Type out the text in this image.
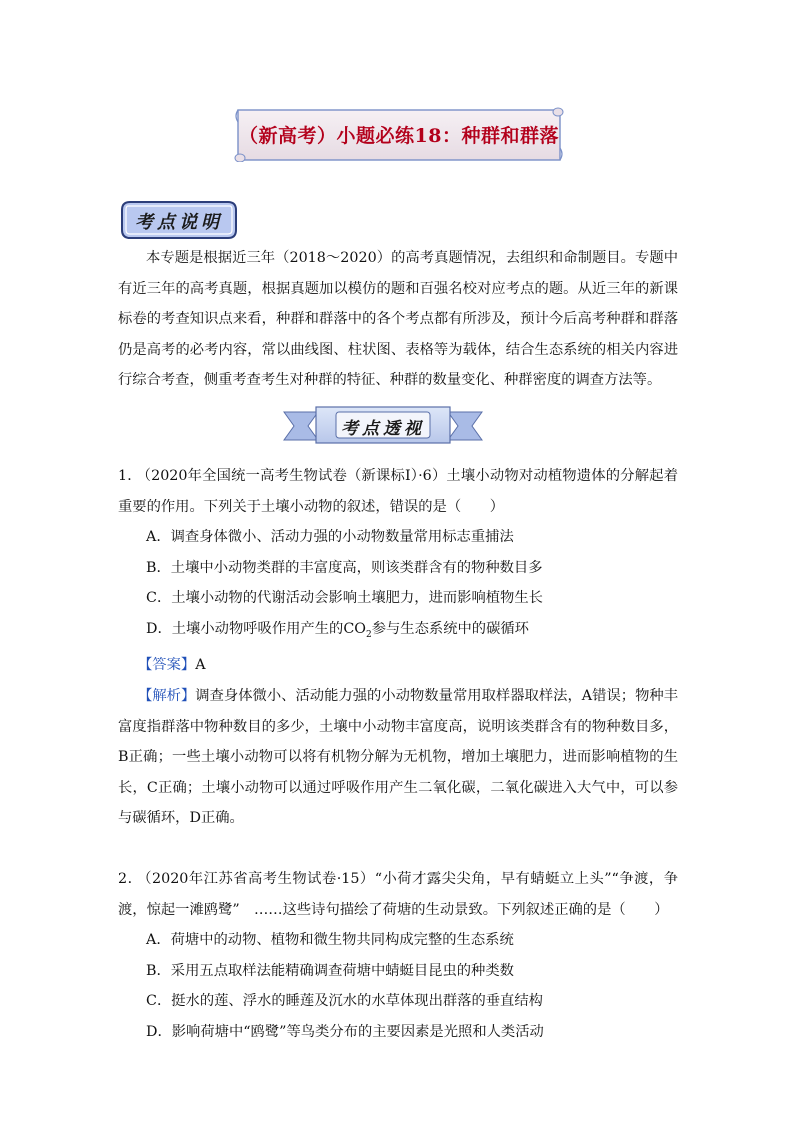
（新高考）小题必练18：种群和群落
考点说明

本专题是根据近三年（2018～2020）的高考真题情况，去组织和命制题目。专题中有近三年的高考真题，根据真题加以模仿的题和百强名校对应考点的题。从近三年的新课标卷的考查知识点来看，种群和群落中的各个考点都有所涉及，预计今后高考种群和群落仍是高考的必考内容，常以曲线图、柱状图、表格等为载体，结合生态系统的相关内容进行综合考查，侧重考查考生对种群的特征、种群的数量变化、种群密度的调查方法等。

考点透视
1． （2020年全国统一高考生物试卷（新课标Ⅰ）·6）土壤小动物对动植物遗体的分解起着重要的作用。下列关于土壤小动物的叙述，错误的是（　　）
A．调查身体微小、活动力强的小动物数量常用标志重捕法
B．土壤中小动物类群的丰富度高，则该类群含有的物种数目多
C．土壤小动物的代谢活动会影响土壤肥力，进而影响植物生长
D．土壤小动物呼吸作用产生的$CO_2$参与生态系统中的碳循环
【答案】A
【解析】调查身体微小、活动能力强的小动物数量常用取样器取样法，A错误；物种丰富度指群落中物种数目的多少，土壤中小动物丰富度高，说明该类群含有的物种数目多，B正确；一些土壤小动物可以将有机物分解为无机物，增加土壤肥力，进而影响植物的生长，C正确；土壤小动物可以通过呼吸作用产生二氧化碳，二氧化碳进入大气中，可以参与碳循环，D正确。
2． （2020年江苏省高考生物试卷·15）“小荷才露尖尖角，早有蜻蜓立上头”“争渡，争渡，惊起一滩鸥鹭”　……这些诗句描绘了荷塘的生动景致。下列叙述正确的是（　　）
A．荷塘中的动物、植物和微生物共同构成完整的生态系统
B．采用五点取样法能精确调查荷塘中蜻蜓目昆虫的种类数
C．挺水的莲、浮水的睡莲及沉水的水草体现出群落的垂直结构
D．影响荷塘中“鸥鹭”等鸟类分布的主要因素是光照和人类活动
